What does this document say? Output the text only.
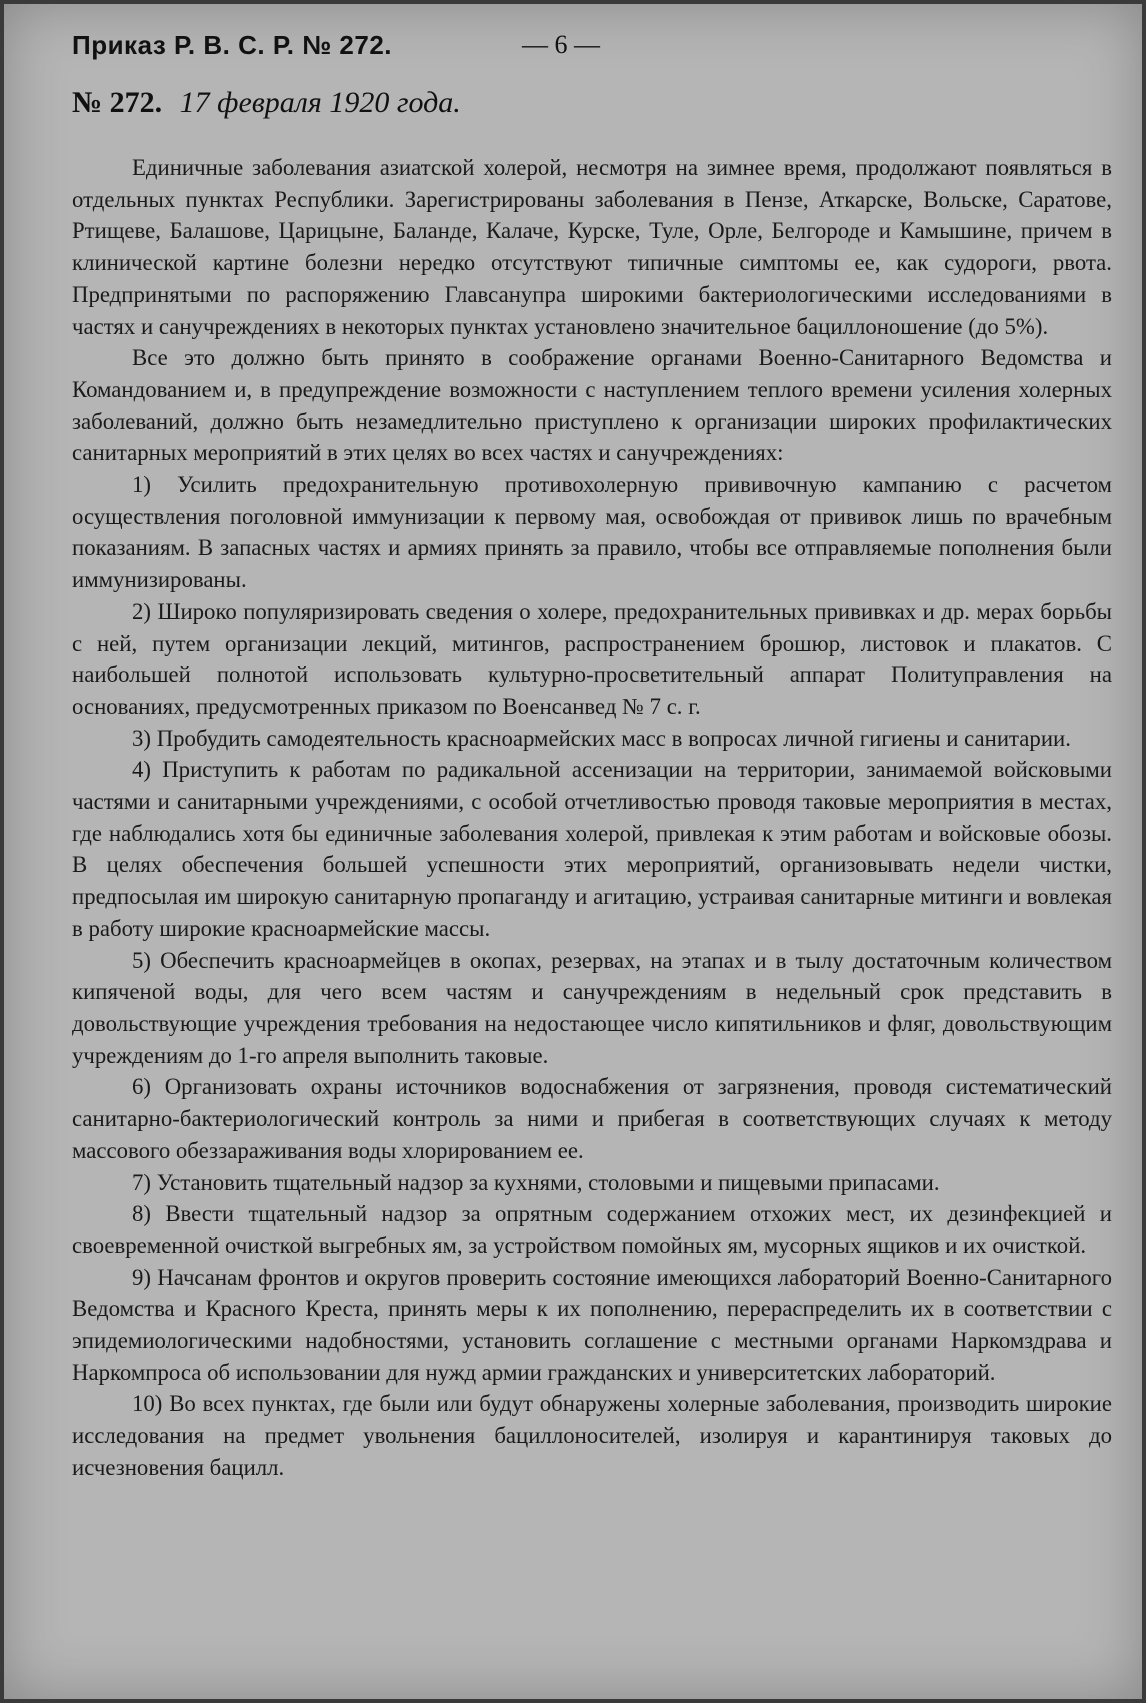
Приказ Р. В. С. Р. № 272.	— 6 —
№ 272. 17 февраля 1920 года.

Единичные заболевания азиатской холерой, несмотря на зимнее время, продолжают появляться в отдельных пунктах Республики. Зарегистрированы заболевания в Пензе, Аткарске, Вольске, Саратове, Ртищеве, Балашове, Царицыне, Баланде, Калаче, Курске, Туле, Орле, Белгороде и Камышине, причем в клинической картине болезни нередко отсутствуют типичные симптомы ее, как судороги, рвота. Предпринятыми по распоряжению Главсанупра широкими бактериологическими исследованиями в частях и санучреждениях в некоторых пунктах установлено значительное бациллоношение (до 5%).

Все это должно быть принято в соображение органами Военно-Санитарного Ведомства и Командованием и, в предупреждение возможности с наступлением теплого времени усиления холерных заболеваний, должно быть незамедлительно приступлено к организации широких профилактических санитарных мероприятий в этих целях во всех частях и санучреждениях:

1) Усилить предохранительную противохолерную прививочную кампанию с расчетом осуществления поголовной иммунизации к первому мая, освобождая от прививок лишь по врачебным показаниям. В запасных частях и армиях принять за правило, чтобы все отправляемые пополнения были иммунизированы.

2) Широко популяризировать сведения о холере, предохранительных прививках и др. мерах борьбы с ней, путем организации лекций, митингов, распространением брошюр, листовок и плакатов. С наибольшей полнотой использовать культурно-просветительный аппарат Политуправления на основаниях, предусмотренных приказом по Военсанвед № 7 с. г.

3) Пробудить самодеятельность красноармейских масс в вопросах личной гигиены и санитарии.

4) Приступить к работам по радикальной ассенизации на территории, занимаемой войсковыми частями и санитарными учреждениями, с особой отчетливостью проводя таковые мероприятия в местах, где наблюдались хотя бы единичные заболевания холерой, привлекая к этим работам и войсковые обозы. В целях обеспечения большей успешности этих мероприятий, организовывать недели чистки, предпосылая им широкую санитарную пропаганду и агитацию, устраивая санитарные митинги и вовлекая в работу широкие красноармейские массы.

5) Обеспечить красноармейцев в окопах, резервах, на этапах и в тылу достаточным количеством кипяченой воды, для чего всем частям и санучреждениям в недельный срок представить в довольствующие учреждения требования на недостающее число кипятильников и фляг, довольствующим учреждениям до 1-го апреля выполнить таковые.

6) Организовать охраны источников водоснабжения от загрязнения, проводя систематический санитарно-бактериологический контроль за ними и прибегая в соответствующих случаях к методу массового обеззараживания воды хлорированием ее.

7) Установить тщательный надзор за кухнями, столовыми и пищевыми припасами.

8) Ввести тщательный надзор за опрятным содержанием отхожих мест, их дезинфекцией и своевременной очисткой выгребных ям, за устройством помойных ям, мусорных ящиков и их очисткой.

9) Начсанам фронтов и округов проверить состояние имеющихся лабораторий Военно-Санитарного Ведомства и Красного Креста, принять меры к их пополнению, перераспределить их в соответствии с эпидемиологическими надобностями, установить соглашение с местными органами Наркомздрава и Наркомпроса об использовании для нужд армии гражданских и университетских лабораторий.

10) Во всех пунктах, где были или будут обнаружены холерные заболевания, производить широкие исследования на предмет увольнения бациллоносителей, изолируя и карантинируя таковых до исчезновения бацилл.
